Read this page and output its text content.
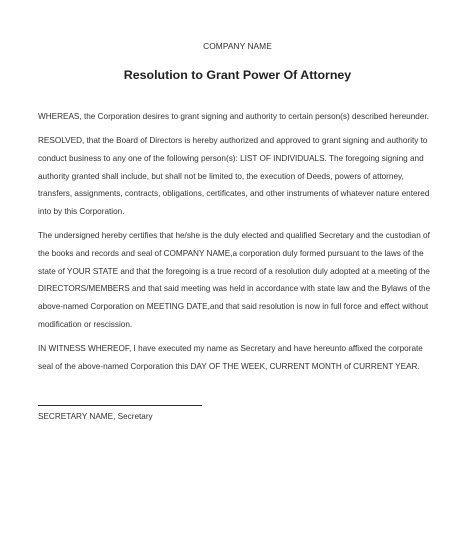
COMPANY NAME
Resolution to Grant Power Of Attorney

WHEREAS, the Corporation desires to grant signing and authority to certain person(s) described hereunder.

RESOLVED, that the Board of Directors is hereby authorized and approved to grant signing and authority to conduct business to any one of the following person(s): LIST OF INDIVIDUALS. The foregoing signing and authority granted shall include, but shall not be limited to, the execution of Deeds, powers of attorney, transfers, assignments, contracts, obligations, certificates, and other instruments of whatever nature entered into by this Corporation.

The undersigned hereby certifies that he/she is the duly elected and qualified Secretary and the custodian of the books and records and seal of COMPANY NAME,a corporation duly formed pursuant to the laws of the state of YOUR STATE and that the foregoing is a true record of a resolution duly adopted at a meeting of the DIRECTORS/MEMBERS and that said meeting was held in accordance with state law and the Bylaws of the above-named Corporation on MEETING DATE,and that said resolution is now in full force and effect without modification or rescission.

IN WITNESS WHEREOF, I have executed my name as Secretary and have hereunto affixed the corporate seal of the above-named Corporation this DAY OF THE WEEK, CURRENT MONTH of CURRENT YEAR.

SECRETARY NAME, Secretary
